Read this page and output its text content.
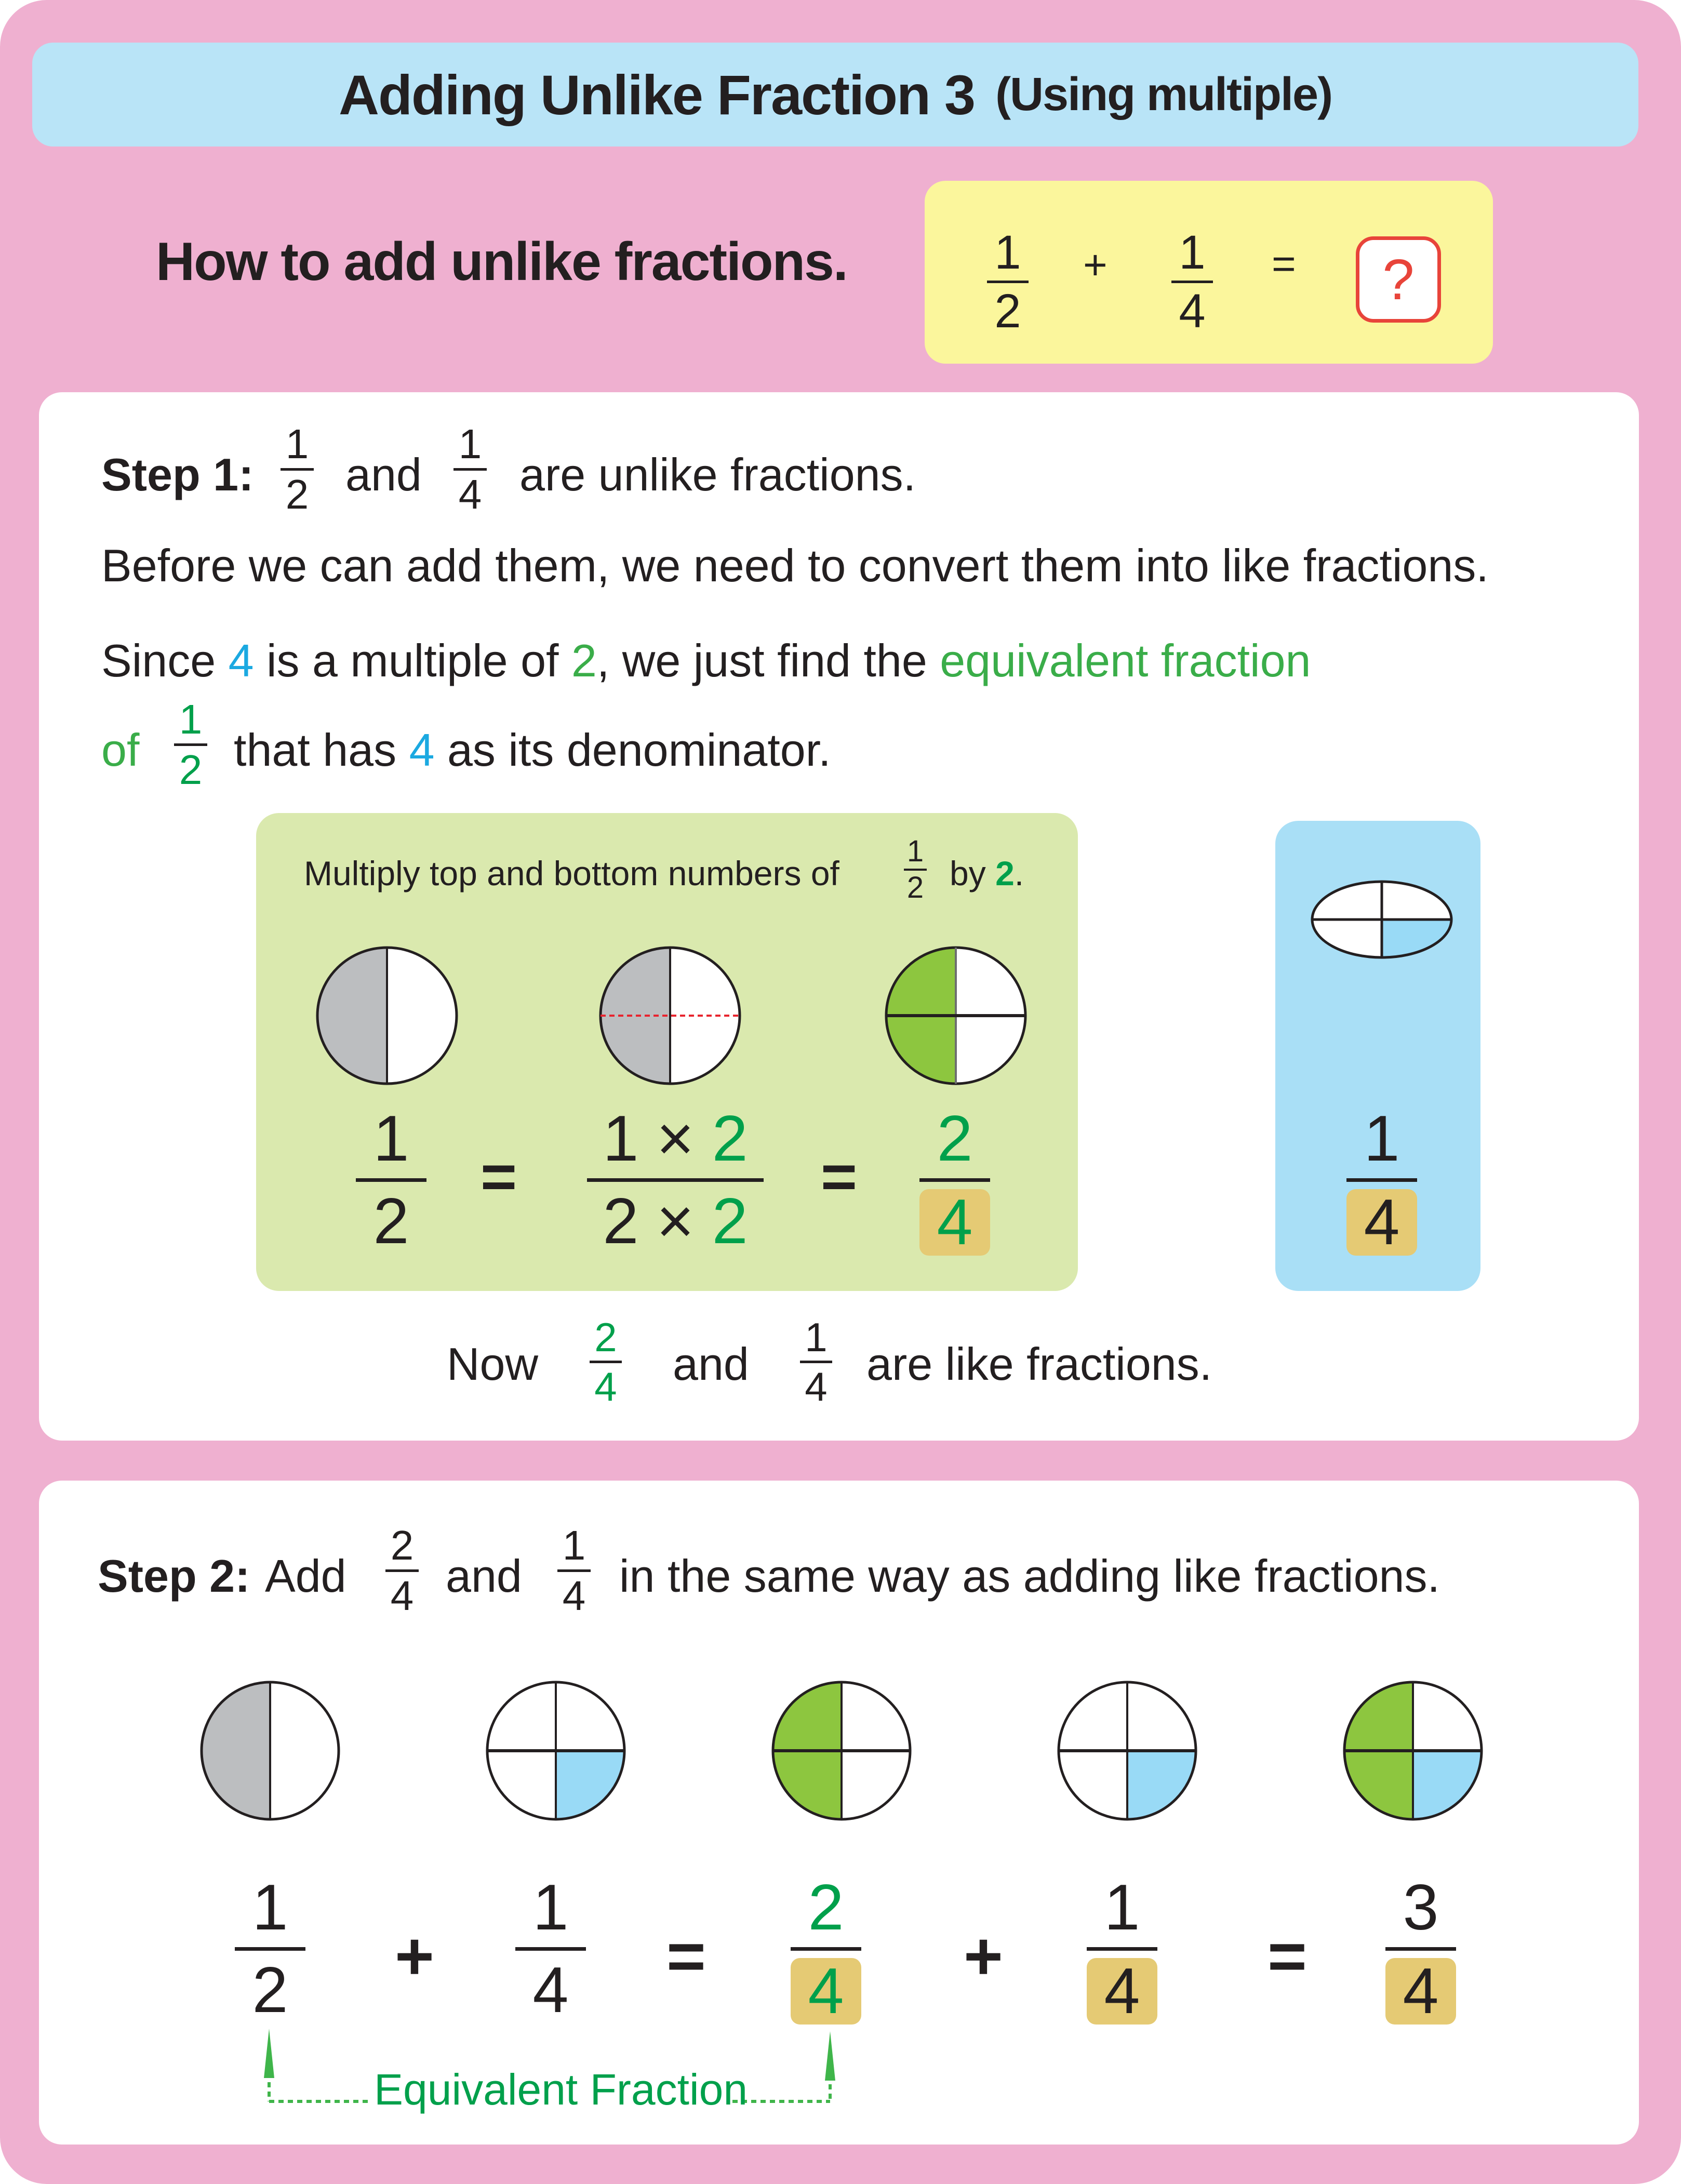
Adding Unlike Fraction 3 (Using multiple)
How to add unlike fractions.	1
2
+ 1
4
= ?
Step 1:
1
2 and
1
4 are unlike fractions.
Before we can add them, we need to convert them into like fractions.
Since 4 is a multiple of 2, we just find the equivalent fraction
of
1
2 that has 4 as its denominator.
Multiply top and bottom numbers of
1
2 by 2.
1
2
=
1 × 2
2 × 2
=
2
4
1
4
Now
2
4 and
1
4 are like fractions.
Step 2: Add
2
4 and
1
4 in the same way as adding like fractions.
1
2 +
1
4 =
2
4 +
1
4 =
3
4
Equivalent Fraction
